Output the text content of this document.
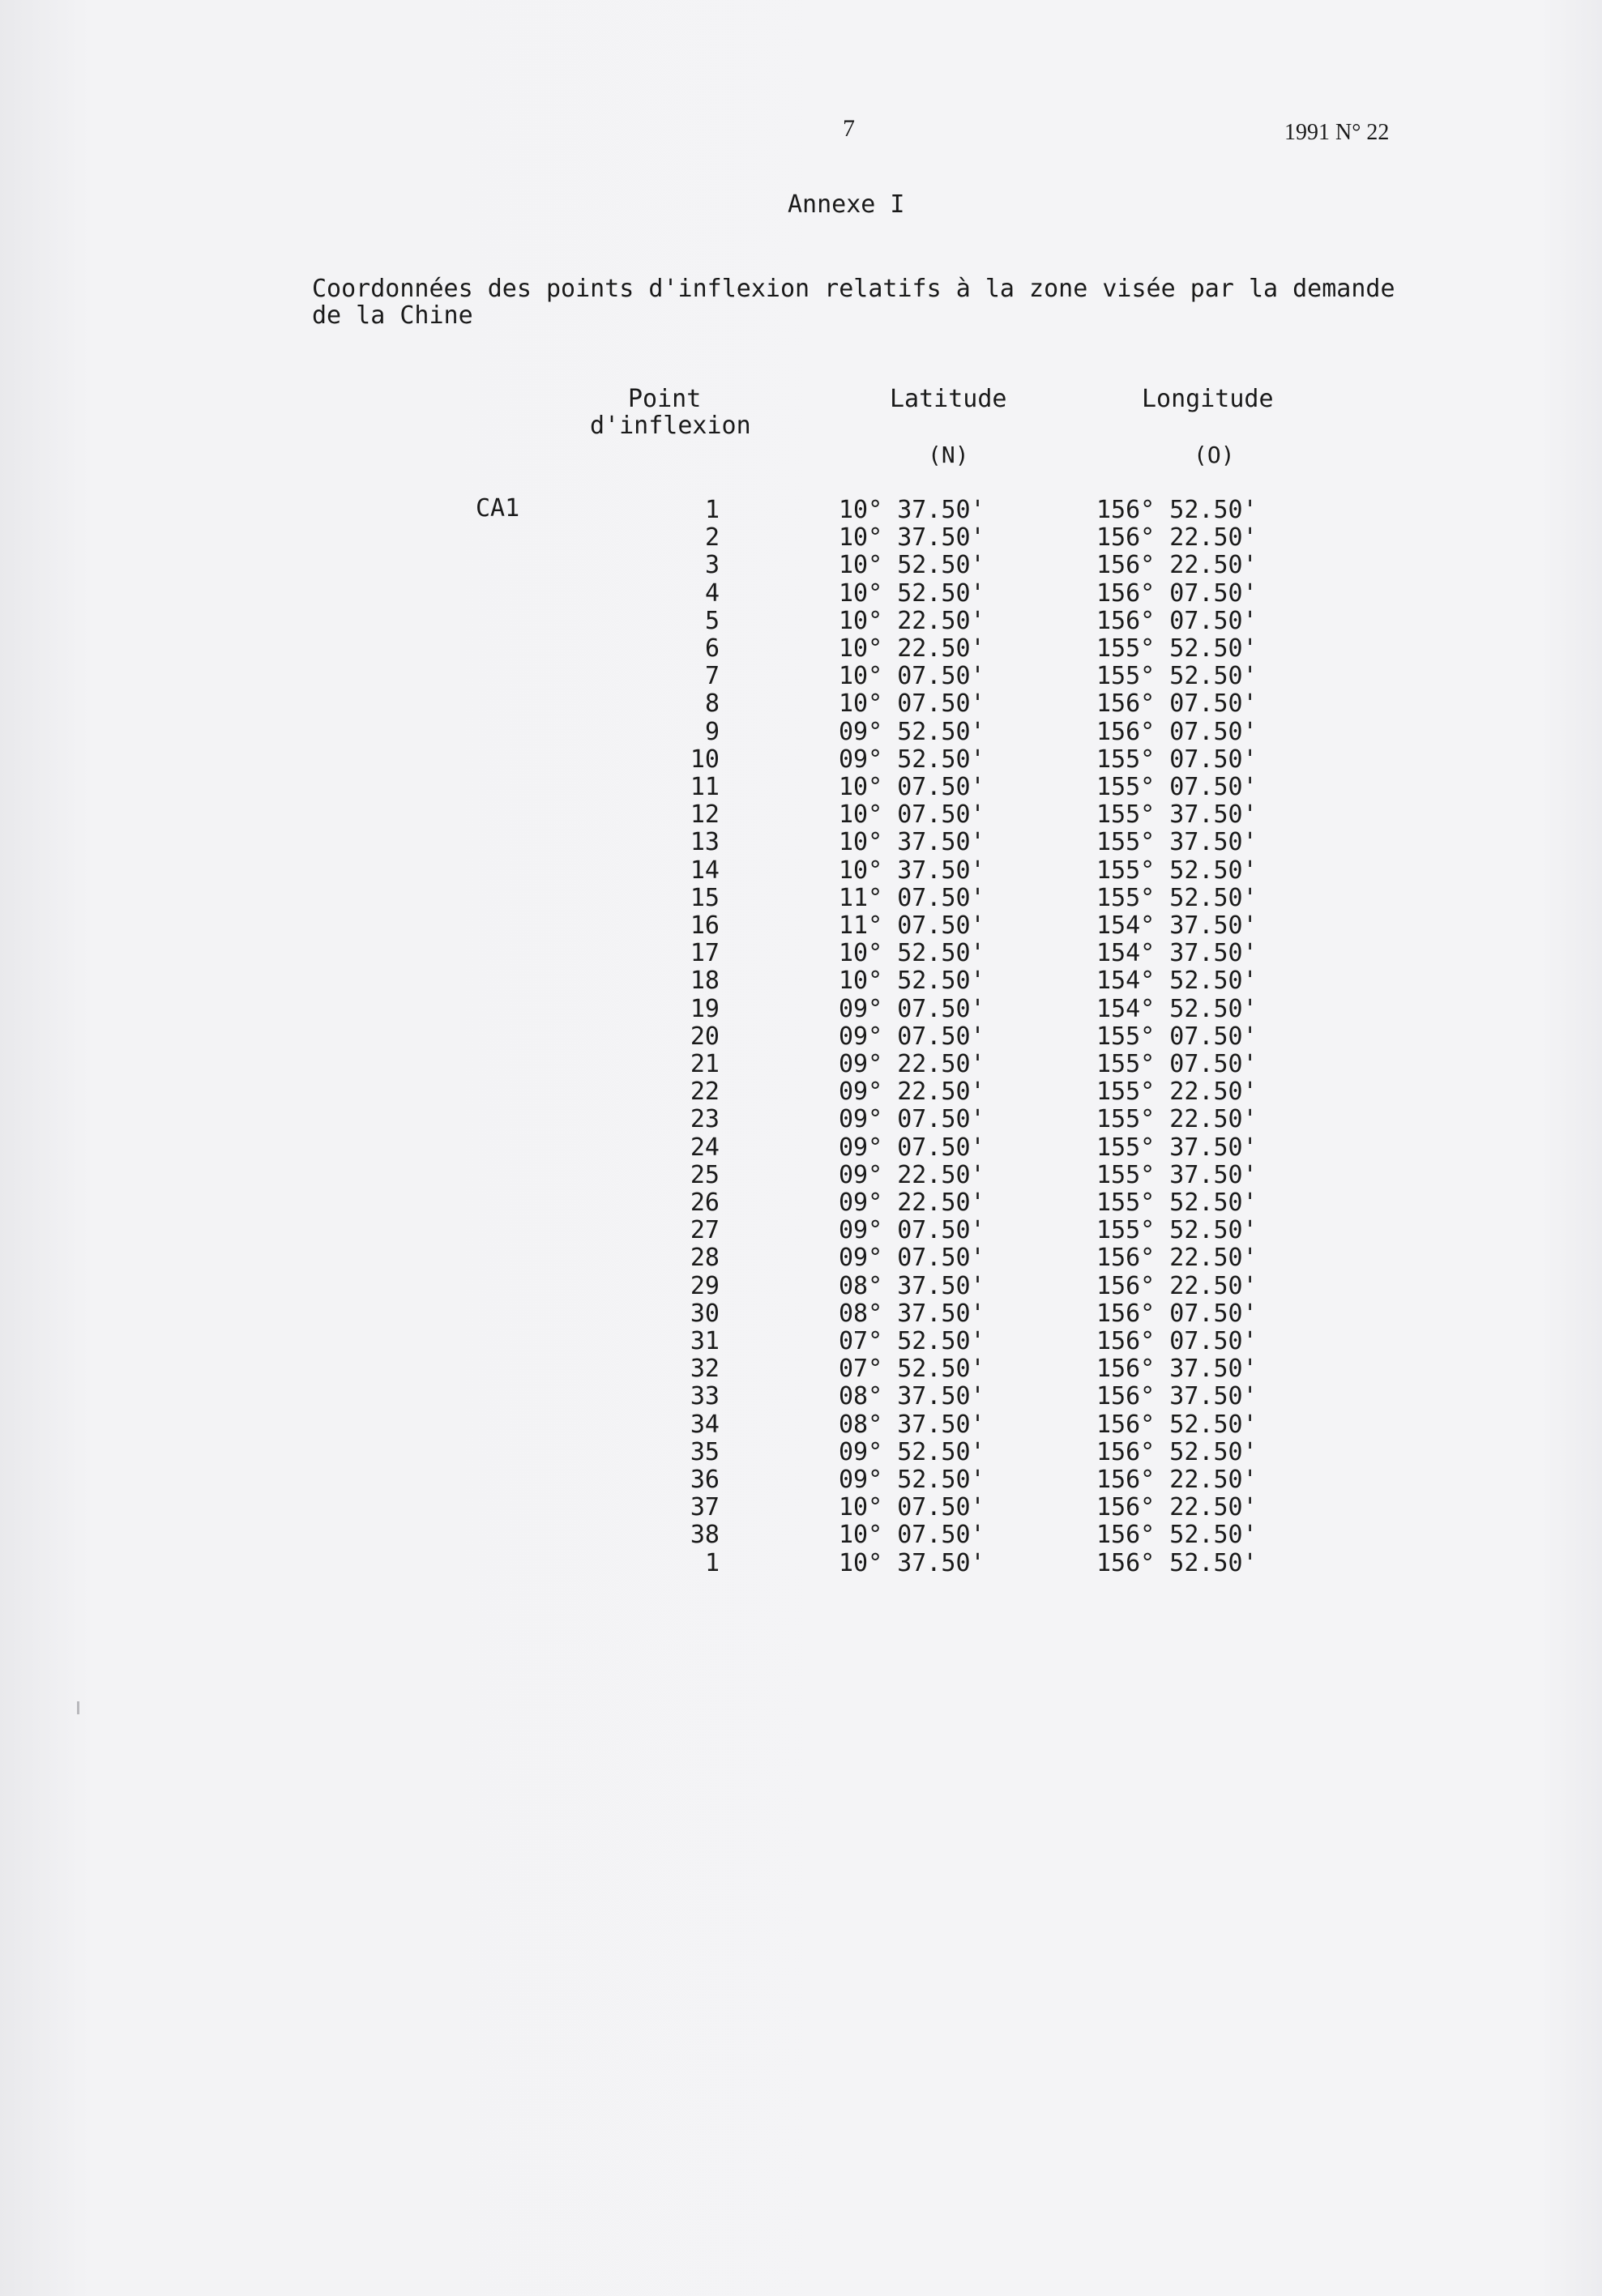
7	1991 N° 22
Annexe I
Coordonnées des points d'inflexion relatifs à la zone visée par la demande de la Chine
Point
d'inflexion
Latitude	Longitude
(N)	(O)
CA1	1	10° 37.50'	156° 52.50'
2	10° 37.50'	156° 22.50'
3	10° 52.50'	156° 22.50'
4	10° 52.50'	156° 07.50'
5	10° 22.50'	156° 07.50'
6	10° 22.50'	155° 52.50'
7	10° 07.50'	155° 52.50'
8	10° 07.50'	156° 07.50'
9	09° 52.50'	156° 07.50'
10	09° 52.50'	155° 07.50'
11	10° 07.50'	155° 07.50'
12	10° 07.50'	155° 37.50'
13	10° 37.50'	155° 37.50'
14	10° 37.50'	155° 52.50'
15	11° 07.50'	155° 52.50'
16	11° 07.50'	154° 37.50'
17	10° 52.50'	154° 37.50'
18	10° 52.50'	154° 52.50'
19	09° 07.50'	154° 52.50'
20	09° 07.50'	155° 07.50'
21	09° 22.50'	155° 07.50'
22	09° 22.50'	155° 22.50'
23	09° 07.50'	155° 22.50'
24	09° 07.50'	155° 37.50'
25	09° 22.50'	155° 37.50'
26	09° 22.50'	155° 52.50'
27	09° 07.50'	155° 52.50'
28	09° 07.50'	156° 22.50'
29	08° 37.50'	156° 22.50'
30	08° 37.50'	156° 07.50'
31	07° 52.50'	156° 07.50'
32	07° 52.50'	156° 37.50'
33	08° 37.50'	156° 37.50'
34	08° 37.50'	156° 52.50'
35	09° 52.50'	156° 52.50'
36	09° 52.50'	156° 22.50'
37	10° 07.50'	156° 22.50'
38	10° 07.50'	156° 52.50'
1	10° 37.50'	156° 52.50'
